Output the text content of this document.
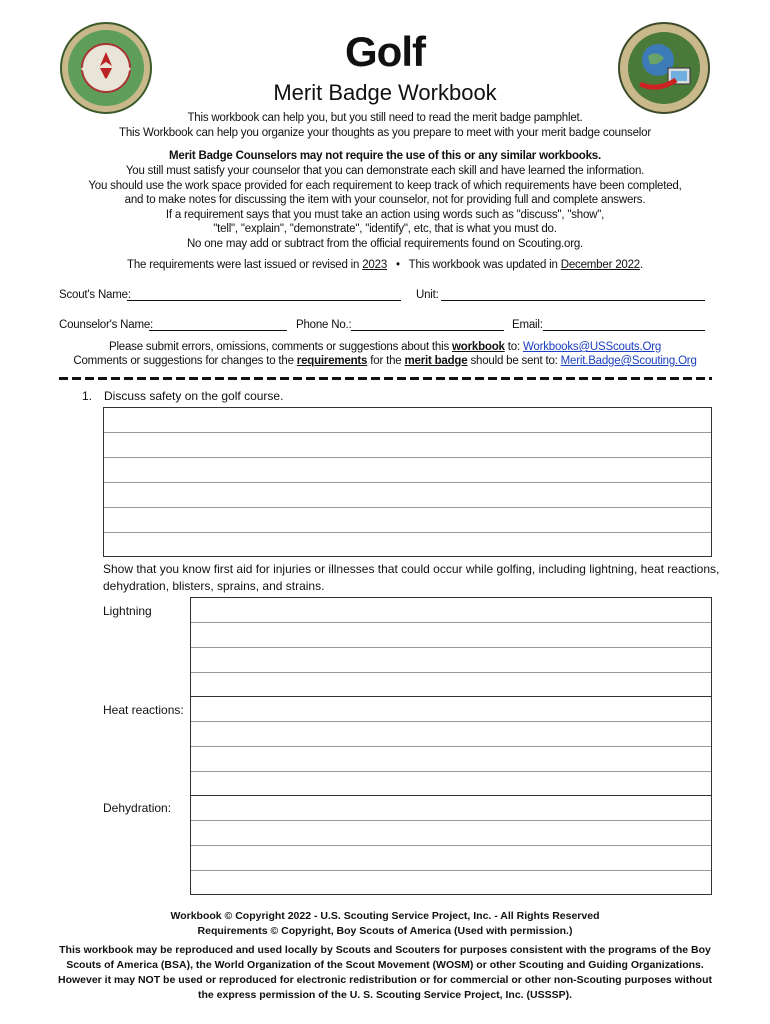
Golf
Merit Badge Workbook
This workbook can help you, but you still need to read the merit badge pamphlet.
This Workbook can help you organize your thoughts as you prepare to meet with your merit badge counselor
Merit Badge Counselors may not require the use of this or any similar workbooks.
You still must satisfy your counselor that you can demonstrate each skill and have learned the information.
You should use the work space provided for each requirement to keep track of which requirements have been completed,
and to make notes for discussing the item with your counselor, not for providing full and complete answers.
If a requirement says that you must take an action using words such as "discuss", "show",
"tell", "explain", "demonstrate", "identify", etc, that is what you must do.
No one may add or subtract from the official requirements found on Scouting.org.
The requirements were last issued or revised in 2023 • This workbook was updated in December 2022.
Scout's Name:	Unit:
Counselor's Name:	Phone No.:	Email:
Please submit errors, omissions, comments or suggestions about this workbook to: Workbooks@USScouts.Org
Comments or suggestions for changes to the requirements for the merit badge should be sent to: Merit.Badge@Scouting.Org
1. Discuss safety on the golf course.
Show that you know first aid for injuries or illnesses that could occur while golfing, including lightning, heat reactions,
dehydration, blisters, sprains, and strains.
Lightning
Heat reactions:
Dehydration:
Workbook © Copyright 2022 - U.S. Scouting Service Project, Inc. - All Rights Reserved
Requirements © Copyright, Boy Scouts of America (Used with permission.)
This workbook may be reproduced and used locally by Scouts and Scouters for purposes consistent with the programs of the Boy
Scouts of America (BSA), the World Organization of the Scout Movement (WOSM) or other Scouting and Guiding Organizations.
However it may NOT be used or reproduced for electronic redistribution or for commercial or other non-Scouting purposes without
the express permission of the U. S. Scouting Service Project, Inc. (USSSP).
